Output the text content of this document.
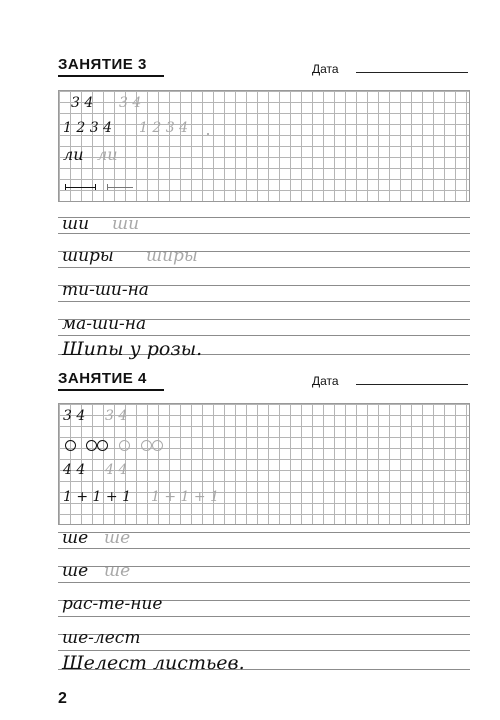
ЗАНЯТИЕ 3	Дата
3 4 3 4
1 2 3 4 1 2 3 4
ли ли
ши ши
ширы ширы
ти-ши-на
ма-ши-на
Шипы у розы.
ЗАНЯТИЕ 4	Дата
3 4 3 4
4 4 4 4
1 + 1 + 1 1 + 1 + 1
ше ше
ше ше
рас-те-ние
ше-лест
Шелест листьев.
2
